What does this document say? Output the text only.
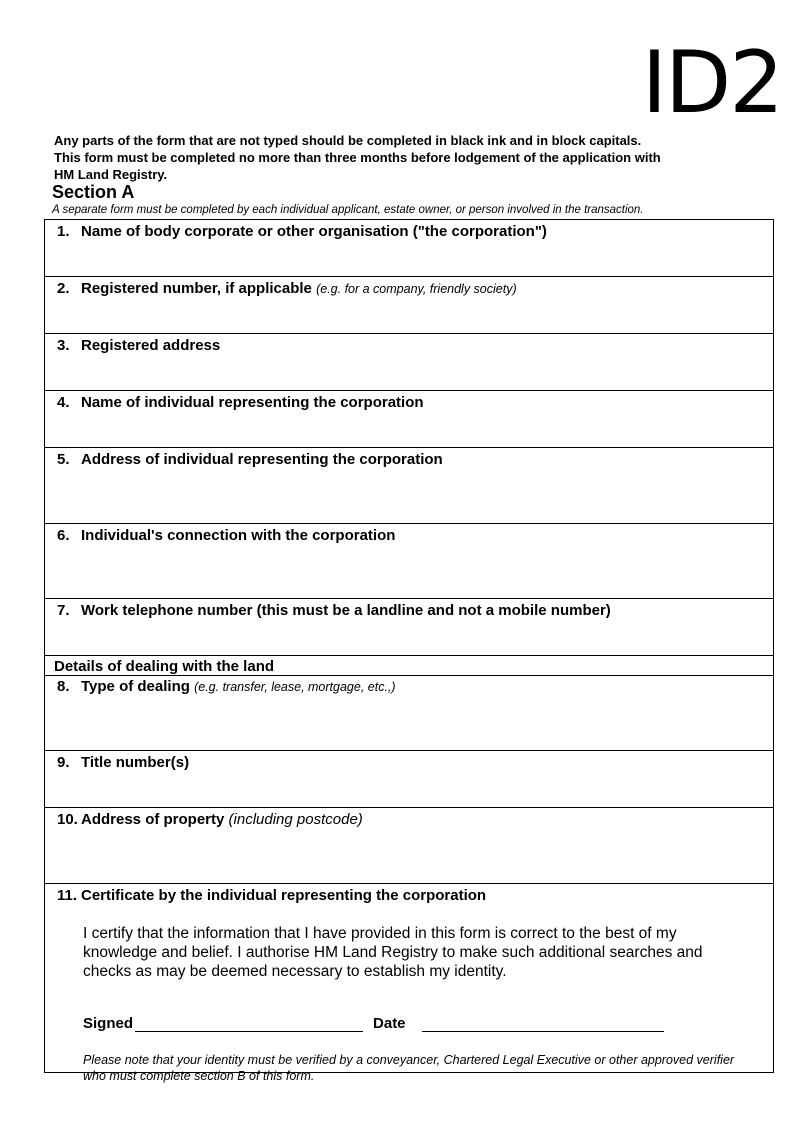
ID2
Any parts of the form that are not typed should be completed in black ink and in block capitals.
This form must be completed no more than three months before lodgement of the application with
HM Land Registry.
Section A
A separate form must be completed by each individual applicant, estate owner, or person involved in the transaction.
1. Name of body corporate or other organisation ("the corporation")
2. Registered number, if applicable (e.g. for a company, friendly society)
3. Registered address
4. Name of individual representing the corporation
5. Address of individual representing the corporation
6. Individual's connection with the corporation
7. Work telephone number (this must be a landline and not a mobile number)
Details of dealing with the land
8. Type of dealing (e.g. transfer, lease, mortgage, etc.,)
9. Title number(s)
10. Address of property (including postcode)
11. Certificate by the individual representing the corporation
I certify that the information that I have provided in this form is correct to the best of my knowledge and belief. I authorise HM Land Registry to make such additional searches and checks as may be deemed necessary to establish my identity.
Signed	Date
Please note that your identity must be verified by a conveyancer, Chartered Legal Executive or other approved verifier who must complete section B of this form.
